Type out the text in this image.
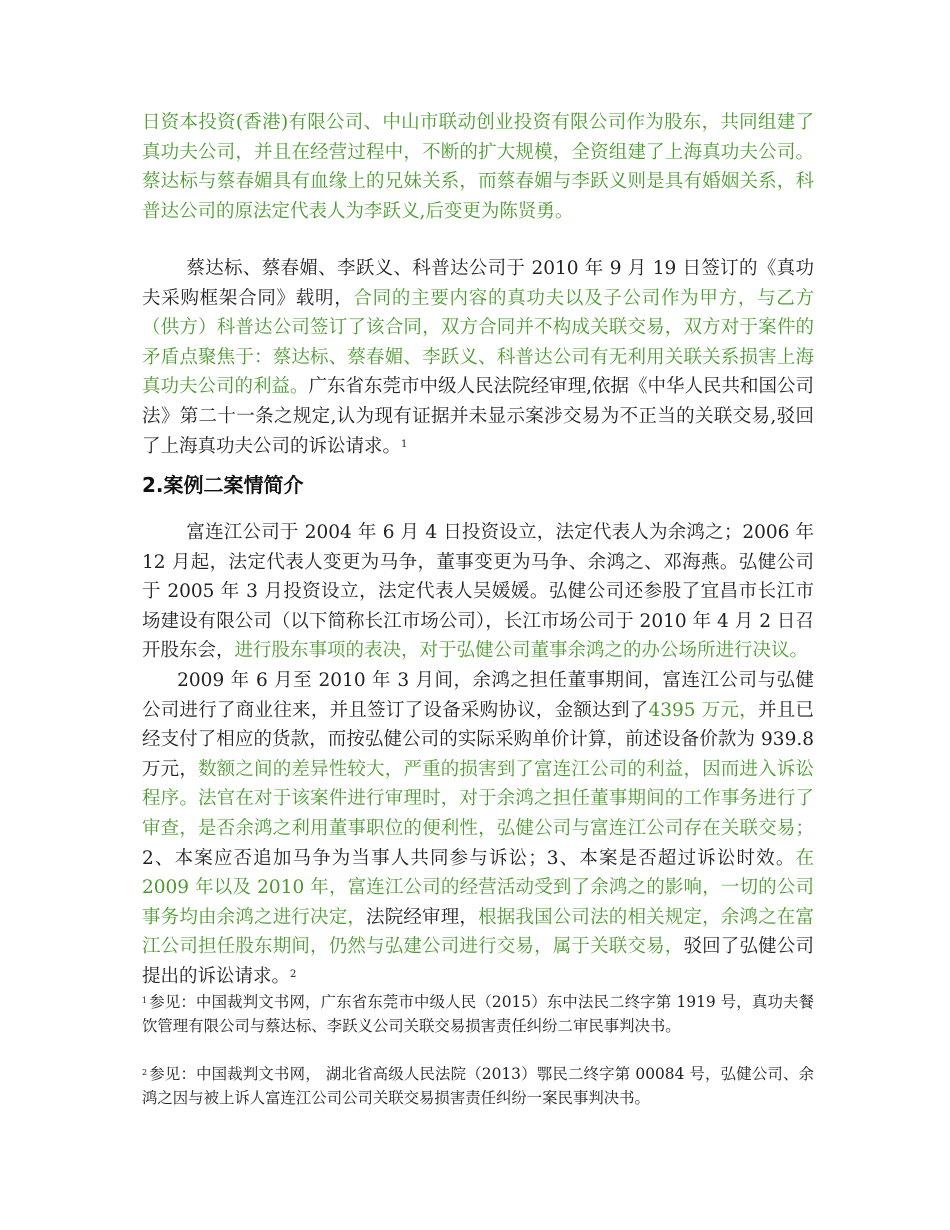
日资本投资(香港)有限公司、中山市联动创业投资有限公司作为股东，共同组建了真功夫公司，并且在经营过程中，不断的扩大规模，全资组建了上海真功夫公司。蔡达标与蔡春媚具有血缘上的兄妹关系，而蔡春媚与李跃义则是具有婚姻关系，科普达公司的原法定代表人为李跃义,后变更为陈贤勇。

蔡达标、蔡春媚、李跃义、科普达公司于 2010 年 9 月 19 日签订的《真功夫采购框架合同》载明，合同的主要内容的真功夫以及子公司作为甲方，与乙方（供方）科普达公司签订了该合同，双方合同并不构成关联交易，双方对于案件的矛盾点聚焦于：蔡达标、蔡春媚、李跃义、科普达公司有无利用关联关系损害上海真功夫公司的利益。广东省东莞市中级人民法院经审理,依据《中华人民共和国公司法》第二十一条之规定,认为现有证据并未显示案涉交易为不正当的关联交易,驳回了上海真功夫公司的诉讼请求。$^1$

2.案例二案情简介

富连江公司于 2004 年 6 月 4 日投资设立，法定代表人为余鸿之；2006 年 12 月起，法定代表人变更为马争，董事变更为马争、余鸿之、邓海燕。弘健公司于 2005 年 3 月投资设立，法定代表人吴媛媛。弘健公司还参股了宜昌市长江市场建设有限公司（以下简称长江市场公司），长江市场公司于 2010 年 4 月 2 日召开股东会，进行股东事项的表决，对于弘健公司董事余鸿之的办公场所进行决议。

2009 年 6 月至 2010 年 3 月间，余鸿之担任董事期间，富连江公司与弘健公司进行了商业往来，并且签订了设备采购协议，金额达到了4395 万元，并且已经支付了相应的货款，而按弘健公司的实际采购单价计算，前述设备价款为 939.8 万元，数额之间的差异性较大，严重的损害到了富连江公司的利益，因而进入诉讼程序。法官在对于该案件进行审理时，对于余鸿之担任董事期间的工作事务进行了审查，是否余鸿之利用董事职位的便利性，弘健公司与富连江公司存在关联交易；2、本案应否追加马争为当事人共同参与诉讼；3、本案是否超过诉讼时效。在 2009 年以及 2010 年，富连江公司的经营活动受到了余鸿之的影响，一切的公司事务均由余鸿之进行决定，法院经审理，根据我国公司法的相关规定，余鸿之在富江公司担任股东期间，仍然与弘建公司进行交易，属于关联交易，驳回了弘健公司提出的诉讼请求。$^2$

$^1$ 参见：中国裁判文书网，广东省东莞市中级人民（2015）东中法民二终字第 1919 号，真功夫餐饮管理有限公司与蔡达标、李跃义公司关联交易损害责任纠纷二审民事判决书。

$^2$ 参见：中国裁判文书网， 湖北省高级人民法院（2013）鄂民二终字第 00084 号，弘健公司、余鸿之因与被上诉人富连江公司公司关联交易损害责任纠纷一案民事判决书。
